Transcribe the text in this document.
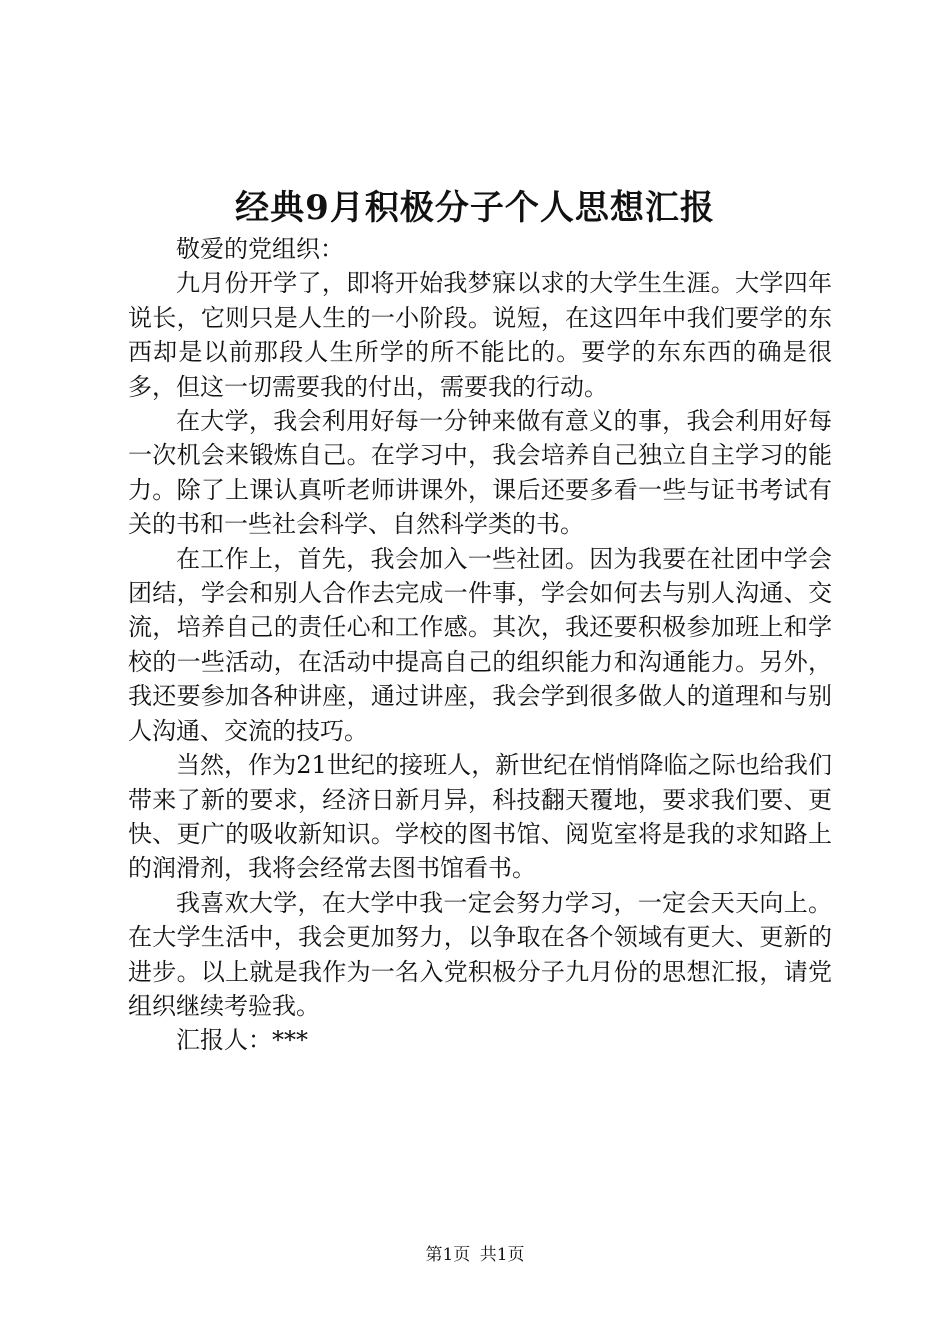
经典9月积极分子个人思想汇报

敬爱的党组织：

九月份开学了，即将开始我梦寐以求的大学生生涯。大学四年说长，它则只是人生的一小阶段。说短，在这四年中我们要学的东西却是以前那段人生所学的所不能比的。要学的东东西的确是很多，但这一切需要我的付出，需要我的行动。

在大学，我会利用好每一分钟来做有意义的事，我会利用好每一次机会来锻炼自己。在学习中，我会培养自己独立自主学习的能力。除了上课认真听老师讲课外，课后还要多看一些与证书考试有关的书和一些社会科学、自然科学类的书。

在工作上，首先，我会加入一些社团。因为我要在社团中学会团结，学会和别人合作去完成一件事，学会如何去与别人沟通、交流，培养自己的责任心和工作感。其次，我还要积极参加班上和学校的一些活动，在活动中提高自己的组织能力和沟通能力。另外，我还要参加各种讲座，通过讲座，我会学到很多做人的道理和与别人沟通、交流的技巧。

当然，作为21世纪的接班人，新世纪在悄悄降临之际也给我们带来了新的要求，经济日新月异，科技翻天覆地，要求我们要、更快、更广的吸收新知识。学校的图书馆、阅览室将是我的求知路上的润滑剂，我将会经常去图书馆看书。

我喜欢大学，在大学中我一定会努力学习，一定会天天向上。在大学生活中，我会更加努力，以争取在各个领域有更大、更新的进步。以上就是我作为一名入党积极分子九月份的思想汇报，请党组织继续考验我。

汇报人：***

第1页 共1页
